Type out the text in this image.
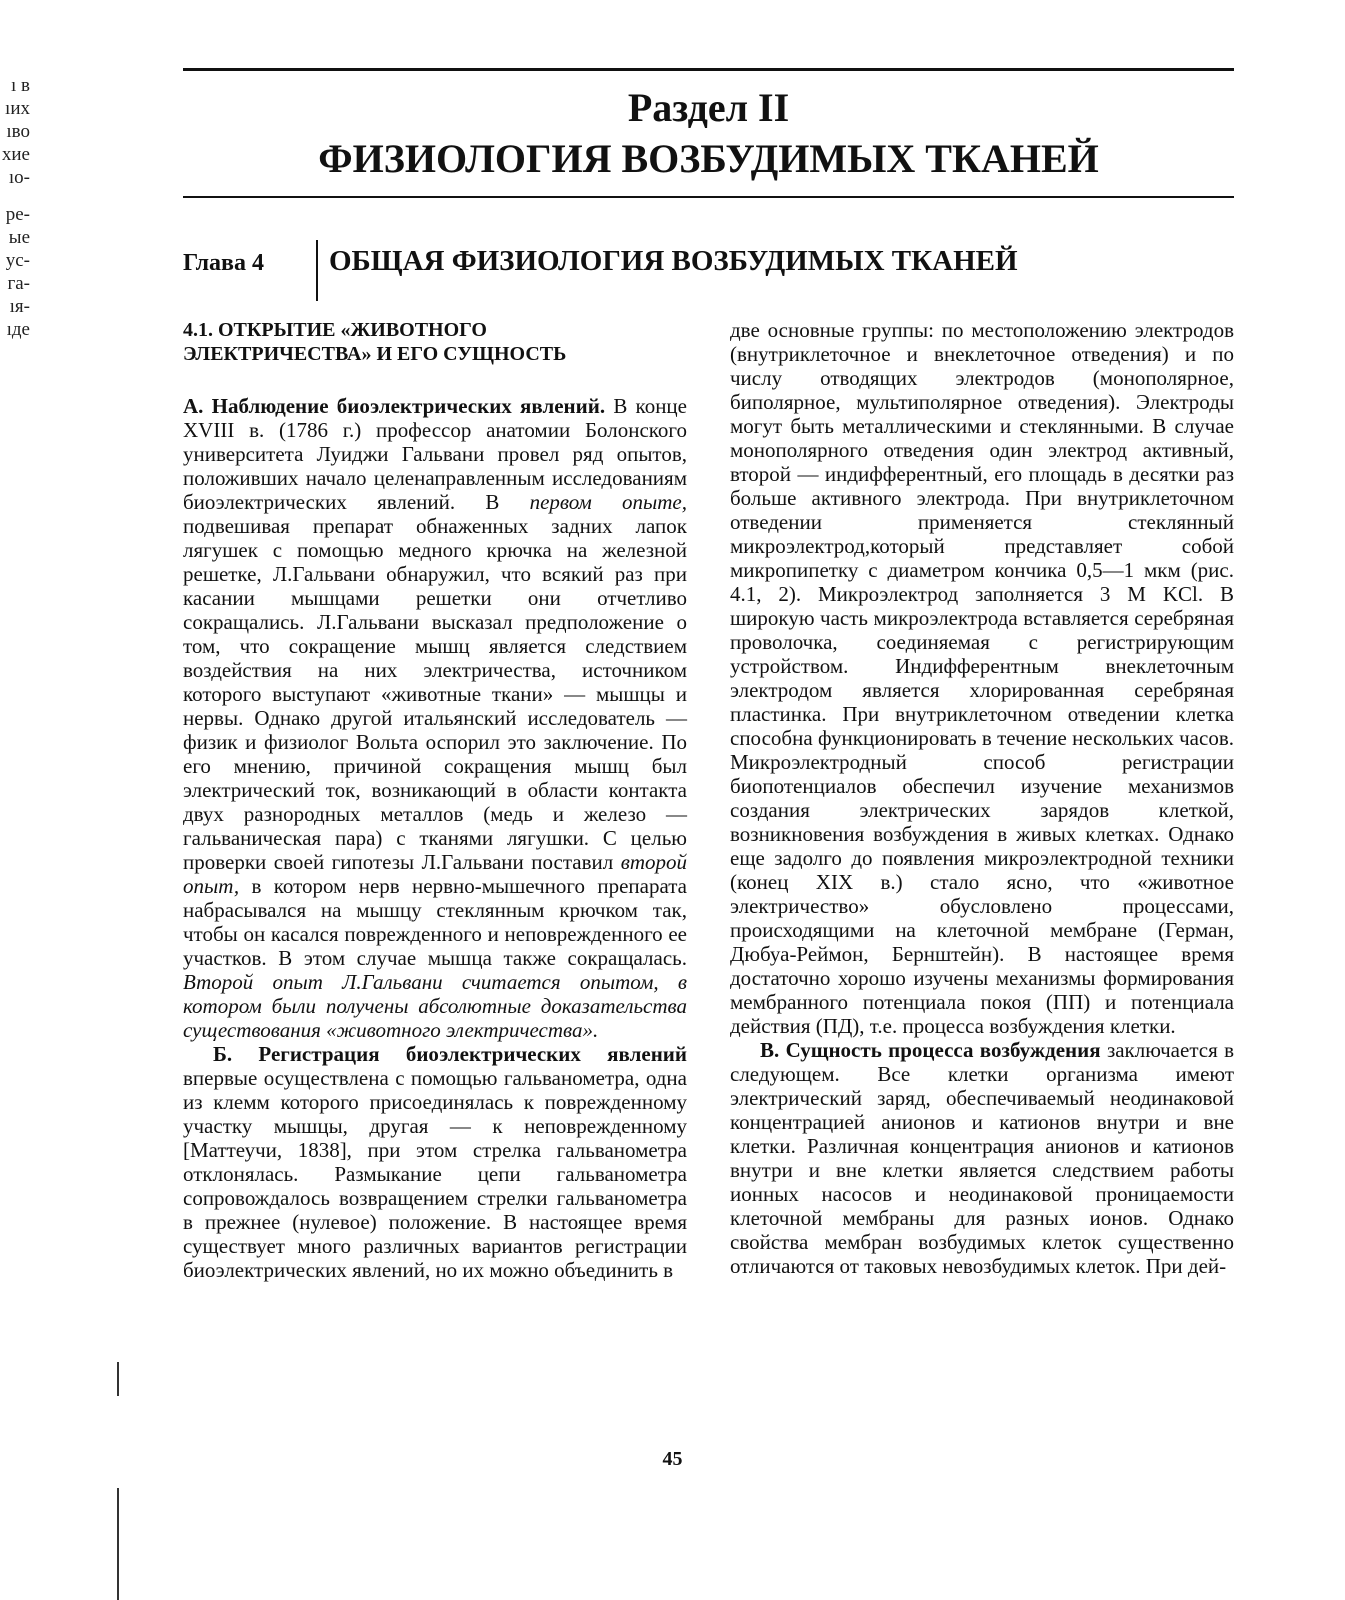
ı в
ıих
ıво
хие
ıо-
ре-
ые
ус-
га-
ıя-
ıде
Раздел II
ФИЗИОЛОГИЯ ВОЗБУДИМЫХ ТКАНЕЙ
Глава 4 ОБЩАЯ ФИЗИОЛОГИЯ ВОЗБУДИМЫХ ТКАНЕЙ
4.1. ОТКРЫТИЕ «ЖИВОТНОГО
ЭЛЕКТРИЧЕСТВА» И ЕГО СУЩНОСТЬ

А. Наблюдение биоэлектрических явлений. В конце XVIII в. (1786 г.) профессор анатомии Болонского университета Луиджи Гальвани провел ряд опытов, положивших начало целенаправленным исследованиям биоэлектрических явлений. В первом опыте, подвешивая препарат обнаженных задних лапок лягушек с помощью медного крючка на железной решетке, Л.Гальвани обнаружил, что всякий раз при касании мышцами решетки они отчетливо сокращались. Л.Гальвани высказал предположение о том, что сокращение мышц является следствием воздействия на них электричества, источником которого выступают «животные ткани» — мышцы и нервы. Однако другой итальянский исследователь — физик и физиолог Вольта оспорил это заключение. По его мнению, причиной сокращения мышц был электрический ток, возникающий в области контакта двух разнородных металлов (медь и железо — гальваническая пара) с тканями лягушки. С целью проверки своей гипотезы Л.Гальвани поставил второй опыт, в котором нерв нервно-мышечного препарата набрасывался на мышцу стеклянным крючком так, чтобы он касался поврежденного и неповрежденного ее участков. В этом случае мышца также сокращалась. Второй опыт Л.Гальвани считается опытом, в котором были получены абсолютные доказательства существования «животного электричества».

Б. Регистрация биоэлектрических явлений впервые осуществлена с помощью гальванометра, одна из клемм которого присоединялась к поврежденному участку мышцы, другая — к неповрежденному [Маттеучи, 1838], при этом стрелка гальванометра отклонялась. Размыкание цепи гальванометра сопровождалось возвращением стрелки гальванометра в прежнее (нулевое) положение. В настоящее время существует много различных вариантов регистрации биоэлектрических явлений, но их можно объединить в

две основные группы: по местоположению электродов (внутриклеточное и внеклеточное отведения) и по числу отводящих электродов (монополярное, биполярное, мультиполярное отведения). Электроды могут быть металлическими и стеклянными. В случае монополярного отведения один электрод активный, второй — индифферентный, его площадь в десятки раз больше активного электрода. При внутриклеточном отведении применяется стеклянный микроэлектрод,который представляет собой микропипетку с диаметром кончика 0,5—1 мкм (рис. 4.1, 2). Микроэлектрод заполняется 3 М KCl. В широкую часть микроэлектрода вставляется серебряная проволочка, соединяемая с регистрирующим устройством. Индифферентным внеклеточным электродом является хлорированная серебряная пластинка. При внутриклеточном отведении клетка способна функционировать в течение нескольких часов. Микроэлектродный способ регистрации биопотенциалов обеспечил изучение механизмов создания электрических зарядов клеткой, возникновения возбуждения в живых клетках. Однако еще задолго до появления микроэлектродной техники (конец XIX в.) стало ясно, что «животное электричество» обусловлено процессами, происходящими на клеточной мембране (Герман, Дюбуа-Реймон, Бернштейн). В настоящее время достаточно хорошо изучены механизмы формирования мембранного потенциала покоя (ПП) и потенциала действия (ПД), т.е. процесса возбуждения клетки.

В. Сущность процесса возбуждения заключается в следующем. Все клетки организма имеют электрический заряд, обеспечиваемый неодинаковой концентрацией анионов и катионов внутри и вне клетки. Различная концентрация анионов и катионов внутри и вне клетки является следствием работы ионных насосов и неодинаковой проницаемости клеточной мембраны для разных ионов. Однако свойства мембран возбудимых клеток существенно отличаются от таковых невозбудимых клеток. При дей-

45
